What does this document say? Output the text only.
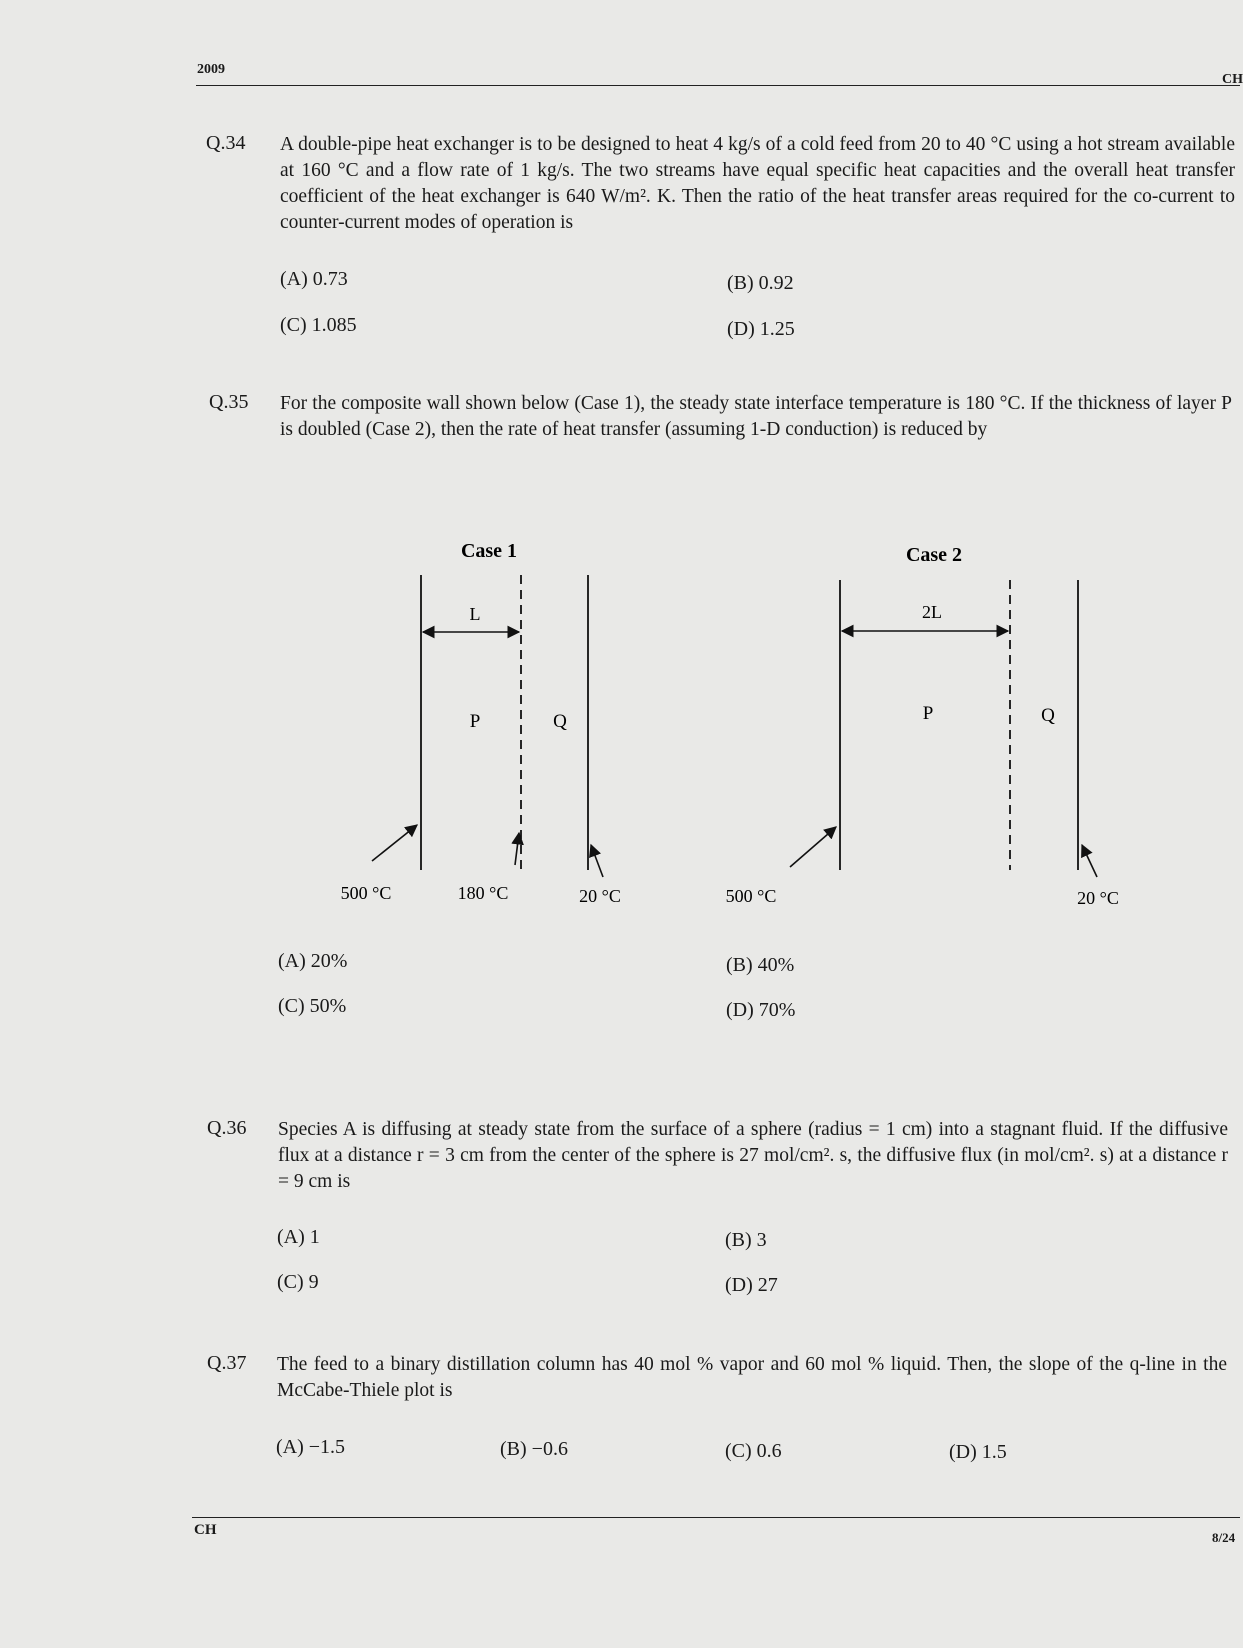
2009
CH
Q.34 A double-pipe heat exchanger is to be designed to heat 4 kg/s of a cold feed from 20 to 40 °C using a hot stream available at 160 °C and a flow rate of 1 kg/s. The two streams have equal specific heat capacities and the overall heat transfer coefficient of the heat exchanger is 640 W/m². K. Then the ratio of the heat transfer areas required for the co-current to counter-current modes of operation is
(A) 0.73	(B) 0.92
(C) 1.085	(D) 1.25
Q.35 For the composite wall shown below (Case 1), the steady state interface temperature is 180 °C. If the thickness of layer P is doubled (Case 2), then the rate of heat transfer (assuming 1-D conduction) is reduced by
Case 1
L
P	Q
500 °C	180 °C	20 °C
Case 2
2L
P	Q
500 °C	20 °C
(A) 20%	(B) 40%
(C) 50%	(D) 70%
Q.36 Species A is diffusing at steady state from the surface of a sphere (radius = 1 cm) into a stagnant fluid. If the diffusive flux at a distance r = 3 cm from the center of the sphere is 27 mol/cm². s, the diffusive flux (in mol/cm². s) at a distance r = 9 cm is
(A) 1	(B) 3
(C) 9	(D) 27
Q.37 The feed to a binary distillation column has 40 mol % vapor and 60 mol % liquid. Then, the slope of the q-line in the McCabe-Thiele plot is
(A) −1.5	(B) −0.6	(C) 0.6	(D) 1.5
CH	8/24
